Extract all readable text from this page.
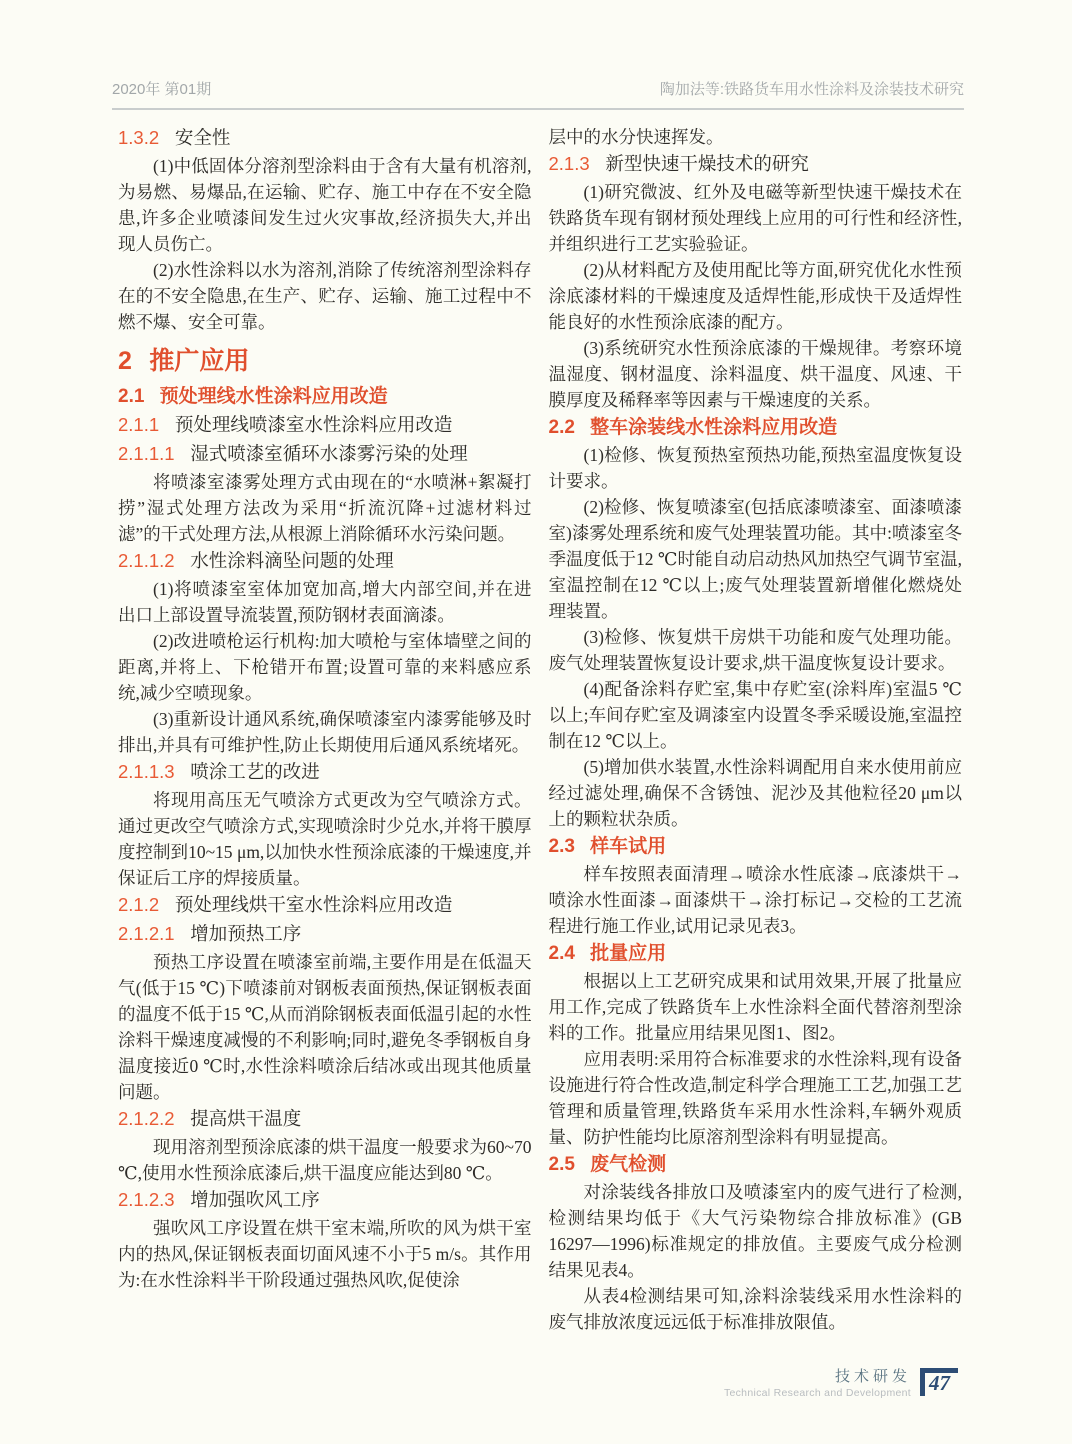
2020年 第01期	陶加法等:铁路货车用水性涂料及涂装技术研究
1.3.2 安全性

(1)中低固体分溶剂型涂料由于含有大量有机溶剂,为易燃、易爆品,在运输、贮存、施工中存在不安全隐患,许多企业喷漆间发生过火灾事故,经济损失大,并出现人员伤亡。

(2)水性涂料以水为溶剂,消除了传统溶剂型涂料存在的不安全隐患,在生产、贮存、运输、施工过程中不燃不爆、安全可靠。

2 推广应用
2.1 预处理线水性涂料应用改造
2.1.1 预处理线喷漆室水性涂料应用改造
2.1.1.1 湿式喷漆室循环水漆雾污染的处理

将喷漆室漆雾处理方式由现在的“水喷淋+絮凝打捞”湿式处理方法改为采用“折流沉降+过滤材料过滤”的干式处理方法,从根源上消除循环水污染问题。

2.1.1.2 水性涂料滴坠问题的处理

(1)将喷漆室室体加宽加高,增大内部空间,并在进出口上部设置导流装置,预防钢材表面滴漆。

(2)改进喷枪运行机构:加大喷枪与室体墙壁之间的距离,并将上、下枪错开布置;设置可靠的来料感应系统,减少空喷现象。

(3)重新设计通风系统,确保喷漆室内漆雾能够及时排出,并具有可维护性,防止长期使用后通风系统堵死。

2.1.1.3 喷涂工艺的改进

将现用高压无气喷涂方式更改为空气喷涂方式。通过更改空气喷涂方式,实现喷涂时少兑水,并将干膜厚度控制到10~15 μm,以加快水性预涂底漆的干燥速度,并保证后工序的焊接质量。

2.1.2 预处理线烘干室水性涂料应用改造
2.1.2.1 增加预热工序

预热工序设置在喷漆室前端,主要作用是在低温天气(低于15 ℃)下喷漆前对钢板表面预热,保证钢板表面的温度不低于15 ℃,从而消除钢板表面低温引起的水性涂料干燥速度减慢的不利影响;同时,避免冬季钢板自身温度接近0 ℃时,水性涂料喷涂后结冰或出现其他质量问题。

2.1.2.2 提高烘干温度

现用溶剂型预涂底漆的烘干温度一般要求为60~70 ℃,使用水性预涂底漆后,烘干温度应能达到80 ℃。

2.1.2.3 增加强吹风工序

强吹风工序设置在烘干室末端,所吹的风为烘干室内的热风,保证钢板表面切面风速不小于5 m/s。其作用为:在水性涂料半干阶段通过强热风吹,促使涂

层中的水分快速挥发。

2.1.3 新型快速干燥技术的研究

(1)研究微波、红外及电磁等新型快速干燥技术在铁路货车现有钢材预处理线上应用的可行性和经济性,并组织进行工艺实验验证。

(2)从材料配方及使用配比等方面,研究优化水性预涂底漆材料的干燥速度及适焊性能,形成快干及适焊性能良好的水性预涂底漆的配方。

(3)系统研究水性预涂底漆的干燥规律。考察环境温湿度、钢材温度、涂料温度、烘干温度、风速、干膜厚度及稀释率等因素与干燥速度的关系。

2.2 整车涂装线水性涂料应用改造

(1)检修、恢复预热室预热功能,预热室温度恢复设计要求。

(2)检修、恢复喷漆室(包括底漆喷漆室、面漆喷漆室)漆雾处理系统和废气处理装置功能。其中:喷漆室冬季温度低于12 ℃时能自动启动热风加热空气调节室温,室温控制在12 ℃以上;废气处理装置新增催化燃烧处理装置。

(3)检修、恢复烘干房烘干功能和废气处理功能。废气处理装置恢复设计要求,烘干温度恢复设计要求。

(4)配备涂料存贮室,集中存贮室(涂料库)室温5 ℃以上;车间存贮室及调漆室内设置冬季采暖设施,室温控制在12 ℃以上。

(5)增加供水装置,水性涂料调配用自来水使用前应经过滤处理,确保不含锈蚀、泥沙及其他粒径20 μm以上的颗粒状杂质。

2.3 样车试用

样车按照表面清理→喷涂水性底漆→底漆烘干→喷涂水性面漆→面漆烘干→涂打标记→交检的工艺流程进行施工作业,试用记录见表3。

2.4 批量应用

根据以上工艺研究成果和试用效果,开展了批量应用工作,完成了铁路货车上水性涂料全面代替溶剂型涂料的工作。批量应用结果见图1、图2。

应用表明:采用符合标准要求的水性涂料,现有设备设施进行符合性改造,制定科学合理施工工艺,加强工艺管理和质量管理,铁路货车采用水性涂料,车辆外观质量、防护性能均比原溶剂型涂料有明显提高。

2.5 废气检测

对涂装线各排放口及喷漆室内的废气进行了检测,检测结果均低于《大气污染物综合排放标准》(GB 16297—1996)标准规定的排放值。主要废气成分检测结果见表4。

从表4检测结果可知,涂料涂装线采用水性涂料的废气排放浓度远远低于标准排放限值。

技术研发
Technical Research and Development 47
